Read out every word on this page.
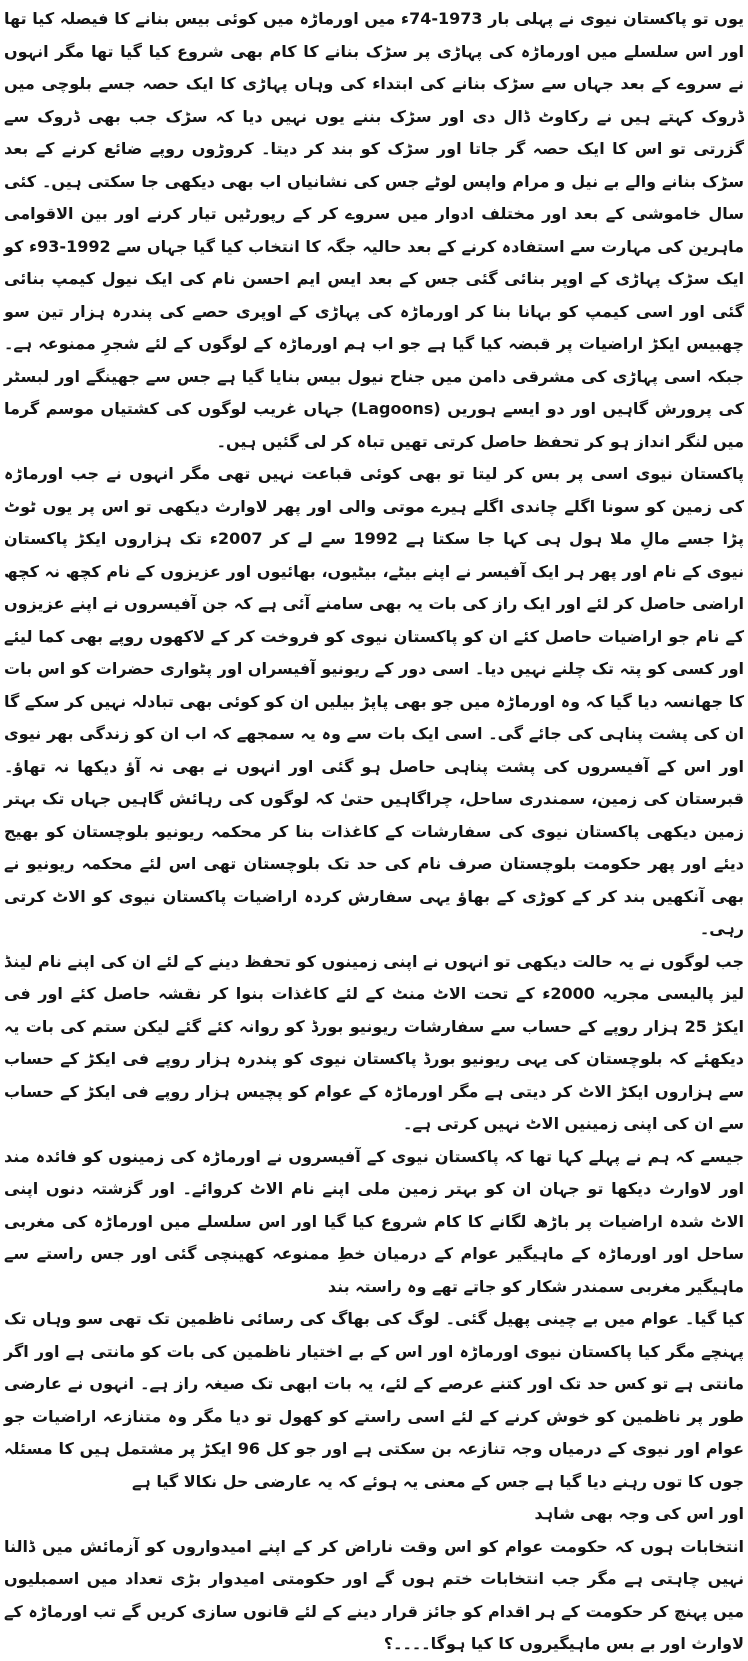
یوں تو پاکستان نیوی نے پہلی بار 1973-74ء میں اورماڑہ میں کوئی بیس بنانے کا فیصلہ کیا تھا اور اس سلسلے میں اورماڑہ کی پہاڑی پر سڑک بنانے کا کام بھی شروع کیا گیا تھا مگر انہوں نے سروے کے بعد جہاں سے سڑک بنانے کی ابتداء کی وہاں پہاڑی کا ایک حصہ جسے بلوچی میں ڈروک کہتے ہیں نے رکاوٹ ڈال دی اور سڑک بننے یوں نہیں دیا کہ سڑک جب بھی ڈروک سے گزرتی تو اس کا ایک حصہ گر جاتا اور سڑک کو بند کر دیتا۔ کروڑوں روپے ضائع کرنے کے بعد سڑک بنانے والے بے نیل و مرام واپس لوٹے جس کی نشانیاں اب بھی دیکھی جا سکتی ہیں۔ کئی سال خاموشی کے بعد اور مختلف ادوار میں سروے کر کے رپورٹیں تیار کرنے اور بین الاقوامی ماہرین کی مہارت سے استفادہ کرنے کے بعد حالیہ جگہ کا انتخاب کیا گیا جہاں سے 1992-93ء کو ایک سڑک پہاڑی کے اوپر بنائی گئی جس کے بعد ایس ایم احسن نام کی ایک نیول کیمپ بنائی گئی اور اسی کیمپ کو بہانا بنا کر اورماڑہ کی پہاڑی کے اوپری حصے کی پندرہ ہزار تین سو چھبیس ایکڑ اراضیات پر قبضہ کیا گیا ہے جو اب ہم اورماڑہ کے لوگوں کے لئے شجرِ ممنوعہ ہے۔ جبکہ اسی پہاڑی کی مشرقی دامن میں جناح نیول بیس بنایا گیا ہے جس سے جھینگے اور لبسٹر کی پرورش گاہیں اور دو ایسے ہوریں (Lagoons) جہاں غریب لوگوں کی کشتیاں موسم گرما میں لنگر انداز ہو کر تحفظ حاصل کرتی تھیں تباہ کر لی گئیں ہیں۔

پاکستان نیوی اسی پر بس کر لیتا تو بھی کوئی قباعت نہیں تھی مگر انہوں نے جب اورماڑہ کی زمین کو سونا اگلے چاندی اگلے ہیرے موتی والی اور پھر لاوارث دیکھی تو اس پر یوں ٹوٹ پڑا جسے مالِ ملا ہول ہی کہا جا سکتا ہے 1992 سے لے کر 2007ء تک ہزاروں ایکڑ پاکستان نیوی کے نام اور پھر ہر ایک آفیسر نے اپنے بیٹے، بیٹیوں، بھائیوں اور عزیزوں کے نام کچھ نہ کچھ اراضی حاصل کر لئے اور ایک راز کی بات یہ بھی سامنے آئی ہے کہ جن آفیسروں نے اپنے عزیزوں کے نام جو اراضیات حاصل کئے ان کو پاکستان نیوی کو فروخت کر کے لاکھوں روپے بھی کما لیئے اور کسی کو پتہ تک چلنے نہیں دیا۔ اسی دور کے ریونیو آفیسراں اور پٹواری حضرات کو اس بات کا جھانسہ دیا گیا کہ وہ اورماڑہ میں جو بھی پاپڑ بیلیں ان کو کوئی بھی تبادلہ نہیں کر سکے گا ان کی پشت پناہی کی جائے گی۔ اسی ایک بات سے وہ یہ سمجھے کہ اب ان کو زندگی بھر نیوی اور اس کے آفیسروں کی پشت پناہی حاصل ہو گئی اور انہوں نے بھی نہ آؤ دیکھا نہ تھاؤ۔ قبرستان کی زمین، سمندری ساحل، چراگاہیں حتیٰ کہ لوگوں کی رہائش گاہیں جہاں تک بہتر زمین دیکھی پاکستان نیوی کی سفارشات کے کاغذات بنا کر محکمہ ریونیو بلوچستان کو بھیج دیئے اور پھر حکومت بلوچستان صرف نام کی حد تک بلوچستان تھی اس لئے محکمہ ریونیو نے بھی آنکھیں بند کر کے کوڑی کے بھاؤ یہی سفارش کردہ اراضیات پاکستان نیوی کو الاٹ کرتی رہی۔

جب لوگوں نے یہ حالت دیکھی تو انہوں نے اپنی زمینوں کو تحفظ دینے کے لئے ان کی اپنے نام لینڈ لیز پالیسی مجریہ 2000ء کے تحت الاٹ منٹ کے لئے کاغذات بنوا کر نقشہ حاصل کئے اور فی ایکڑ 25 ہزار روپے کے حساب سے سفارشات ریونیو بورڈ کو روانہ کئے گئے لیکن ستم کی بات یہ دیکھئے کہ بلوچستان کی یہی ریونیو بورڈ پاکستان نیوی کو پندرہ ہزار روپے فی ایکڑ کے حساب سے ہزاروں ایکڑ الاٹ کر دیتی ہے مگر اورماڑہ کے عوام کو پچیس ہزار روپے فی ایکڑ کے حساب سے ان کی اپنی زمینیں الاٹ نہیں کرتی ہے۔

جیسے کہ ہم نے پہلے کہا تھا کہ پاکستان نیوی کے آفیسروں نے اورماڑہ کی زمینوں کو فائدہ مند اور لاوارث دیکھا تو جہان ان کو بہتر زمین ملی اپنے نام الاٹ کروائے۔ اور گزشتہ دنوں اپنی الاٹ شدہ اراضیات پر باڑھ لگانے کا کام شروع کیا گیا اور اس سلسلے میں اورماڑہ کی مغربی ساحل اور اورماڑہ کے ماہیگیر عوام کے درمیان خطِ ممنوعہ کھینچی گئی اور جس راستے سے ماہیگیر مغربی سمندر شکار کو جاتے تھے وہ راستہ بند

کیا گیا۔ عوام میں بے چینی پھیل گئی۔ لوگ کی بھاگ کی رسائی ناظمین تک تھی سو وہاں تک پہنچے مگر کیا پاکستان نیوی اورماڑہ اور اس کے بے اختیار ناظمین کی بات کو مانتی ہے اور اگر مانتی ہے تو کس حد تک اور کتنے عرصے کے لئے، یہ بات ابھی تک صیغہ راز ہے۔ انہوں نے عارضی طور پر ناظمین کو خوش کرنے کے لئے اسی راستے کو کھول تو دیا مگر وہ متنازعہ اراضیات جو عوام اور نیوی کے درمیاں وجہ تنازعہ بن سکتی ہے اور جو کل 96 ایکڑ پر مشتمل ہیں کا مسئلہ جوں کا توں رہنے دیا گیا ہے جس کے معنی یہ ہوئے کہ یہ عارضی حل نکالا گیا ہے

اور اس کی وجہ بھی شاہد

انتخابات ہوں کہ حکومت عوام کو اس وقت ناراض کر کے اپنے امیدواروں کو آزمائش میں ڈالنا نہیں چاہتی ہے مگر جب انتخابات ختم ہوں گے اور حکومتی امیدوار بڑی تعداد میں اسمبلیوں میں پہنچ کر حکومت کے ہر اقدام کو جائز قرار دینے کے لئے قانوں سازی کریں گے تب اورماڑہ کے لاوارث اور بے بس ماہیگیروں کا کیا ہوگا۔۔۔۔؟
